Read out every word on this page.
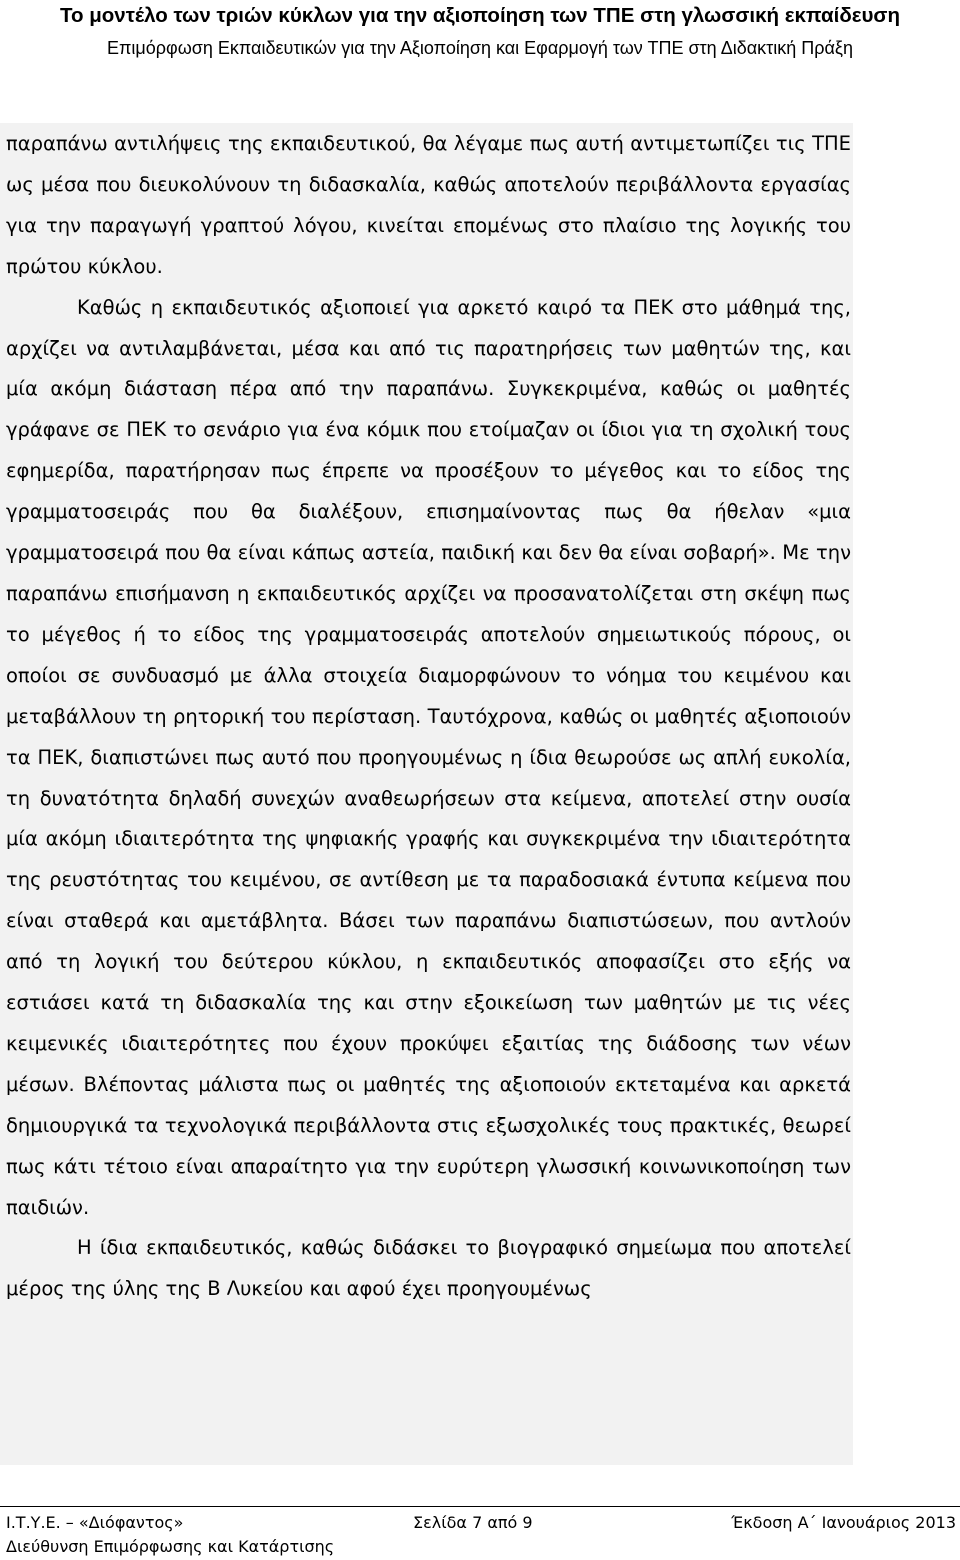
Το μοντέλο των τριών κύκλων για την αξιοποίηση των ΤΠΕ στη γλωσσική εκπαίδευση

Επιμόρφωση Εκπαιδευτικών για την Αξιοποίηση και Εφαρμογή των ΤΠΕ στη Διδακτική Πράξη

παραπάνω αντιλήψεις της εκπαιδευτικού, θα λέγαμε πως αυτή αντιμετωπίζει τις ΤΠΕ ως μέσα που διευκολύνουν τη διδασκαλία, καθώς αποτελούν περιβάλλοντα εργασίας για την παραγωγή γραπτού λόγου, κινείται επομένως στο πλαίσιο της λογικής του πρώτου κύκλου.

Καθώς η εκπαιδευτικός αξιοποιεί για αρκετό καιρό τα ΠΕΚ στο μάθημά της, αρχίζει να αντιλαμβάνεται, μέσα και από τις παρατηρήσεις των μαθητών της, και μία ακόμη διάσταση πέρα από την παραπάνω. Συγκεκριμένα, καθώς οι μαθητές γράφανε σε ΠΕΚ το σενάριο για ένα κόμικ που ετοίμαζαν οι ίδιοι για τη σχολική τους εφημερίδα, παρατήρησαν πως έπρεπε να προσέξουν το μέγεθος και το είδος της γραμματοσειράς που θα διαλέξουν, επισημαίνοντας πως θα ήθελαν «μια γραμματοσειρά που θα είναι κάπως αστεία, παιδική και δεν θα είναι σοβαρή». Με την παραπάνω επισήμανση η εκπαιδευτικός αρχίζει να προσανατολίζεται στη σκέψη πως το μέγεθος ή το είδος της γραμματοσειράς αποτελούν σημειωτικούς πόρους, οι οποίοι σε συνδυασμό με άλλα στοιχεία διαμορφώνουν το νόημα του κειμένου και μεταβάλλουν τη ρητορική του περίσταση. Ταυτόχρονα, καθώς οι μαθητές αξιοποιούν τα ΠΕΚ, διαπιστώνει πως αυτό που προηγουμένως η ίδια θεωρούσε ως απλή ευκολία, τη δυνατότητα δηλαδή συνεχών αναθεωρήσεων στα κείμενα, αποτελεί στην ουσία μία ακόμη ιδιαιτερότητα της ψηφιακής γραφής και συγκεκριμένα την ιδιαιτερότητα της ρευστότητας του κειμένου, σε αντίθεση με τα παραδοσιακά έντυπα κείμενα που είναι σταθερά και αμετάβλητα. Βάσει των παραπάνω διαπιστώσεων, που αντλούν από τη λογική του δεύτερου κύκλου, η εκπαιδευτικός αποφασίζει στο εξής να εστιάσει κατά τη διδασκαλία της και στην εξοικείωση των μαθητών με τις νέες κειμενικές ιδιαιτερότητες που έχουν προκύψει εξαιτίας της διάδοσης των νέων μέσων. Βλέποντας μάλιστα πως οι μαθητές της αξιοποιούν εκτεταμένα και αρκετά δημιουργικά τα τεχνολογικά περιβάλλοντα στις εξωσχολικές τους πρακτικές, θεωρεί πως κάτι τέτοιο είναι απαραίτητο για την ευρύτερη γλωσσική κοινωνικοποίηση των παιδιών.

Η ίδια εκπαιδευτικός, καθώς διδάσκει το βιογραφικό σημείωμα που αποτελεί μέρος της ύλης της Β Λυκείου και αφού έχει προηγουμένως

Ι.Τ.Υ.Ε. – «Διόφαντος»	Σελίδα 7 από 9	Έκδοση Α΄ Ιανουάριος 2013
Διεύθυνση Επιμόρφωσης και Κατάρτισης
